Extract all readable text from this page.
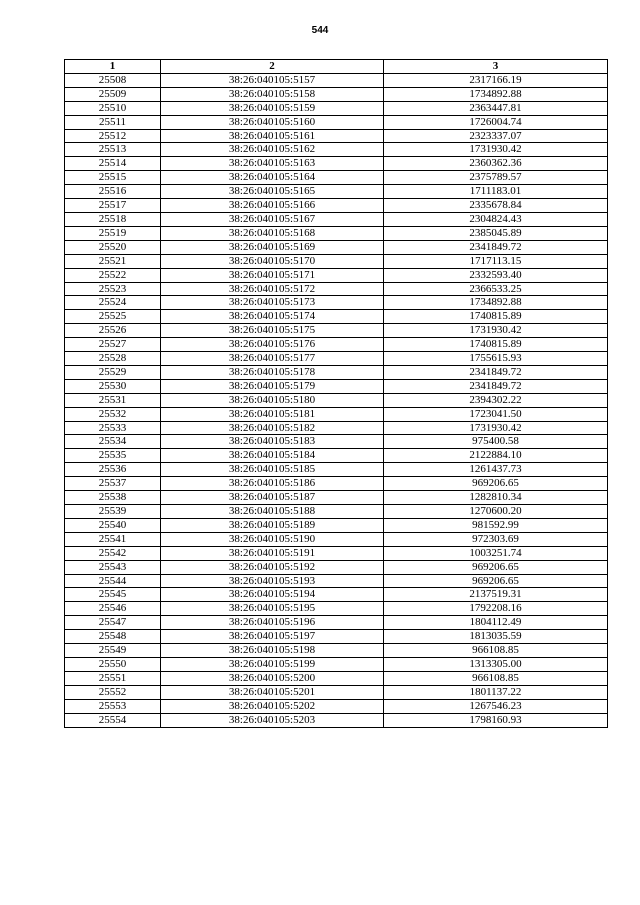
544
1	2	3
25508	38:26:040105:5157	2317166.19
25509	38:26:040105:5158	1734892.88
25510	38:26:040105:5159	2363447.81
25511	38:26:040105:5160	1726004.74
25512	38:26:040105:5161	2323337.07
25513	38:26:040105:5162	1731930.42
25514	38:26:040105:5163	2360362.36
25515	38:26:040105:5164	2375789.57
25516	38:26:040105:5165	1711183.01
25517	38:26:040105:5166	2335678.84
25518	38:26:040105:5167	2304824.43
25519	38:26:040105:5168	2385045.89
25520	38:26:040105:5169	2341849.72
25521	38:26:040105:5170	1717113.15
25522	38:26:040105:5171	2332593.40
25523	38:26:040105:5172	2366533.25
25524	38:26:040105:5173	1734892.88
25525	38:26:040105:5174	1740815.89
25526	38:26:040105:5175	1731930.42
25527	38:26:040105:5176	1740815.89
25528	38:26:040105:5177	1755615.93
25529	38:26:040105:5178	2341849.72
25530	38:26:040105:5179	2341849.72
25531	38:26:040105:5180	2394302.22
25532	38:26:040105:5181	1723041.50
25533	38:26:040105:5182	1731930.42
25534	38:26:040105:5183	975400.58
25535	38:26:040105:5184	2122884.10
25536	38:26:040105:5185	1261437.73
25537	38:26:040105:5186	969206.65
25538	38:26:040105:5187	1282810.34
25539	38:26:040105:5188	1270600.20
25540	38:26:040105:5189	981592.99
25541	38:26:040105:5190	972303.69
25542	38:26:040105:5191	1003251.74
25543	38:26:040105:5192	969206.65
25544	38:26:040105:5193	969206.65
25545	38:26:040105:5194	2137519.31
25546	38:26:040105:5195	1792208.16
25547	38:26:040105:5196	1804112.49
25548	38:26:040105:5197	1813035.59
25549	38:26:040105:5198	966108.85
25550	38:26:040105:5199	1313305.00
25551	38:26:040105:5200	966108.85
25552	38:26:040105:5201	1801137.22
25553	38:26:040105:5202	1267546.23
25554	38:26:040105:5203	1798160.93
